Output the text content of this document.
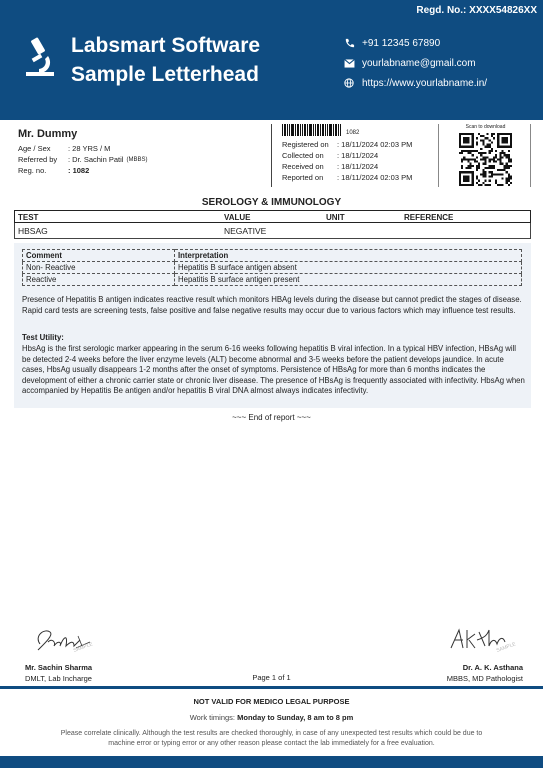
Regd. No.: XXXX54826XX
Labsmart Software
Sample Letterhead
+91 12345 67890
yourlabname@gmail.com
https://www.yourlabname.in/
Mr. Dummy
Age / Sex	: 28 YRS / M
Referred by	: Dr. Sachin Patil (MBBS)
Reg. no.	: 1082
1082
Registered on	: 18/11/2024 02:03 PM
Collected on	: 18/11/2024
Received on	: 18/11/2024
Reported on	: 18/11/2024 02:03 PM
Scan to download
SEROLOGY & IMMUNOLOGY
TEST	VALUE	UNIT	REFERENCE
HBSAG	NEGATIVE
Comment	Interpretation
Non- Reactive	Hepatitis B surface antigen absent
Reactive	Hepatitis B surface antigen present
Presence of Hepatitis B antigen indicates reactive result which monitors HBAg levels during the disease but cannot predict the stages of disease. Rapid card tests are screening tests, false positive and false negative results may occur due to various factors which may influence test results.
Test Utility:
HbsAg is the first serologic marker appearing in the serum 6-16 weeks following hepatitis B viral infection. In a typical HBV infection, HBsAg will be detected 2-4 weeks before the liver enzyme levels (ALT) become abnormal and 3-5 weeks before the patient develops jaundice. In acute cases, HbsAg usually disappears 1-2 months after the onset of symptoms. Persistence of HBsAg for more than 6 months indicates the development of either a chronic carrier state or chronic liver disease. The presence of HBsAg is frequently associated with infectivity. HbsAg when accompanied by Hepatitis Be antigen and/or hepatitis B viral DNA almost always indicates infectivity.
~~~ End of report ~~~
SAMPLE	SAMPLE
Mr. Sachin Sharma
DMLT, Lab Incharge	Page 1 of 1
Dr. A. K. Asthana
MBBS, MD Pathologist
NOT VALID FOR MEDICO LEGAL PURPOSE
Work timings: Monday to Sunday, 8 am to 8 pm
Please correlate clinically. Although the test results are checked thoroughly, in case of any unexpected test results which could be due to machine error or typing error or any other reason please contact the lab immediately for a free evaluation.
